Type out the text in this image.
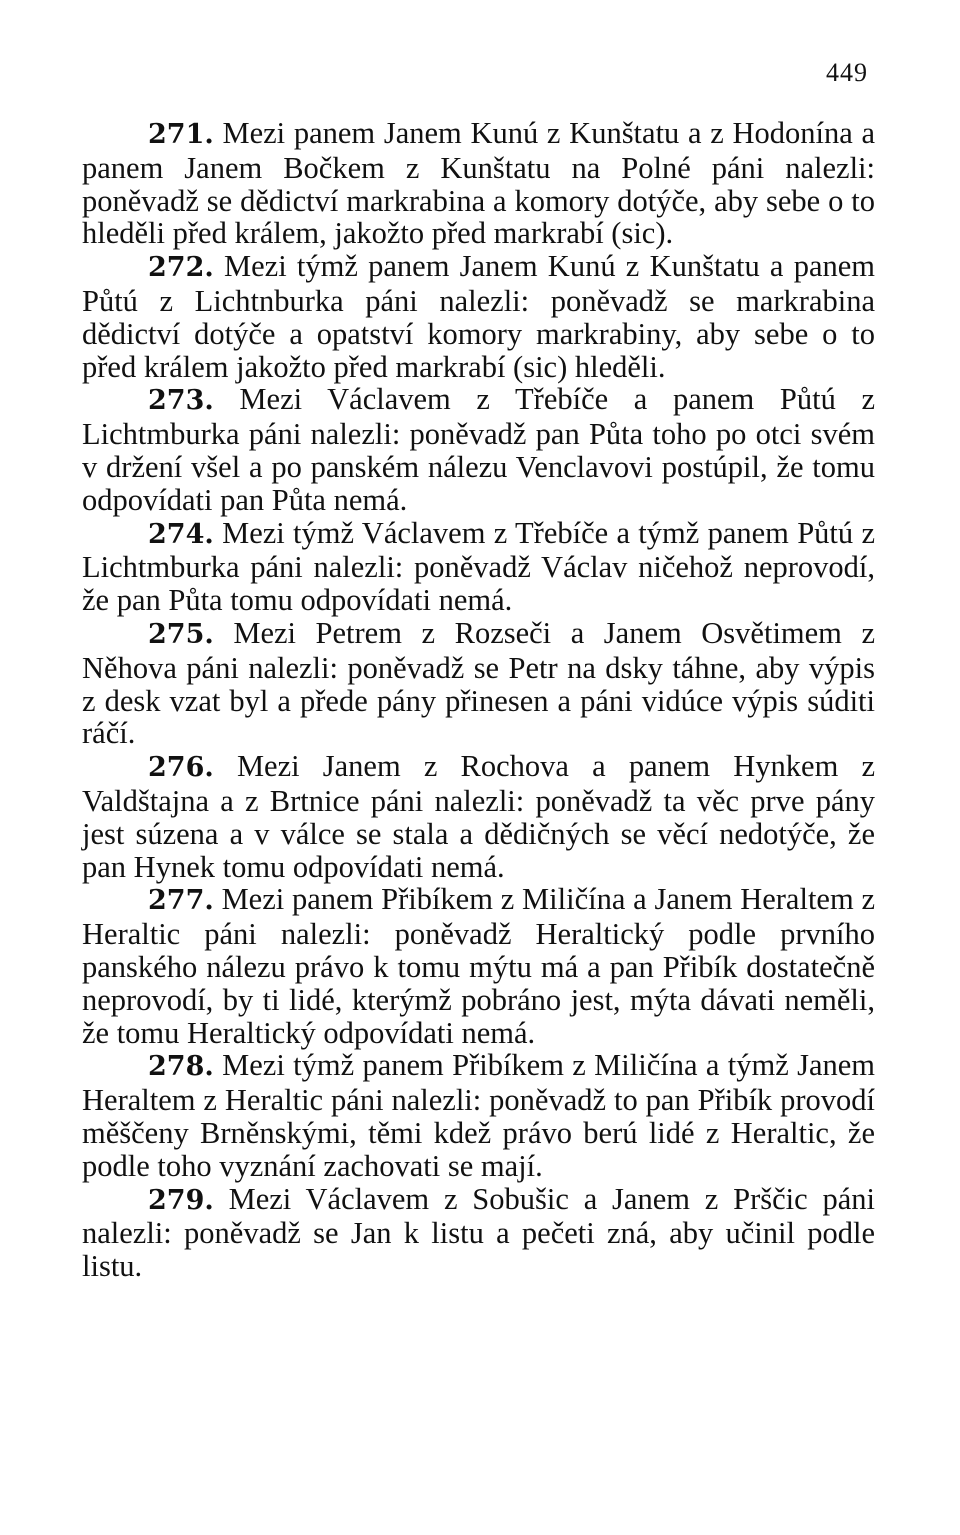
449

271. Mezi panem Janem Kunú z Kunštatu a z Hodonína a panem Janem Bočkem z Kunštatu na Polné páni nalezli: poněvadž se dědictví markrabina a komory dotýče, aby sebe o to hleděli před králem, jakožto před markrabí (sic).

272. Mezi týmž panem Janem Kunú z Kunštatu a panem Půtú z Lichtnburka páni nalezli: poněvadž se markrabina dědictví dotýče a opatství komory markrabiny, aby sebe o to před králem jakožto před markrabí (sic) hleděli.

273. Mezi Václavem z Třebíče a panem Půtú z Lichtmburka páni nalezli: poněvadž pan Půta toho po otci svém v držení všel a po panském nálezu Venclavovi postúpil, že tomu odpovídati pan Půta nemá.

274. Mezi týmž Václavem z Třebíče a týmž panem Půtú z Lichtmburka páni nalezli: poněvadž Václav ničehož neprovodí, že pan Půta tomu odpovídati nemá.

275. Mezi Petrem z Rozseči a Janem Osvětimem z Něhova páni nalezli: poněvadž se Petr na dsky táhne, aby výpis z desk vzat byl a přede pány přinesen a páni vidúce výpis súditi ráčí.

276. Mezi Janem z Rochova a panem Hynkem z Valdštajna a z Brtnice páni nalezli: poněvadž ta věc prve pány jest súzena a v válce se stala a dědičných se věcí nedotýče, že pan Hynek tomu odpovídati nemá.

277. Mezi panem Přibíkem z Miličína a Janem Heraltem z Heraltic páni nalezli: poněvadž Heraltický podle prvního panského nálezu právo k tomu mýtu má a pan Přibík dostatečně neprovodí, by ti lidé, kterýmž pobráno jest, mýta dávati neměli, že tomu Heraltický odpovídati nemá.

278. Mezi týmž panem Přibíkem z Miličína a týmž Janem Heraltem z Heraltic páni nalezli: poněvadž to pan Přibík provodí měščeny Brněnskými, těmi kdež právo berú lidé z Heraltic, že podle toho vyznání zachovati se mají.

279. Mezi Václavem z Sobušic a Janem z Prščic páni nalezli: poněvadž se Jan k listu a pečeti zná, aby učinil podle listu.
